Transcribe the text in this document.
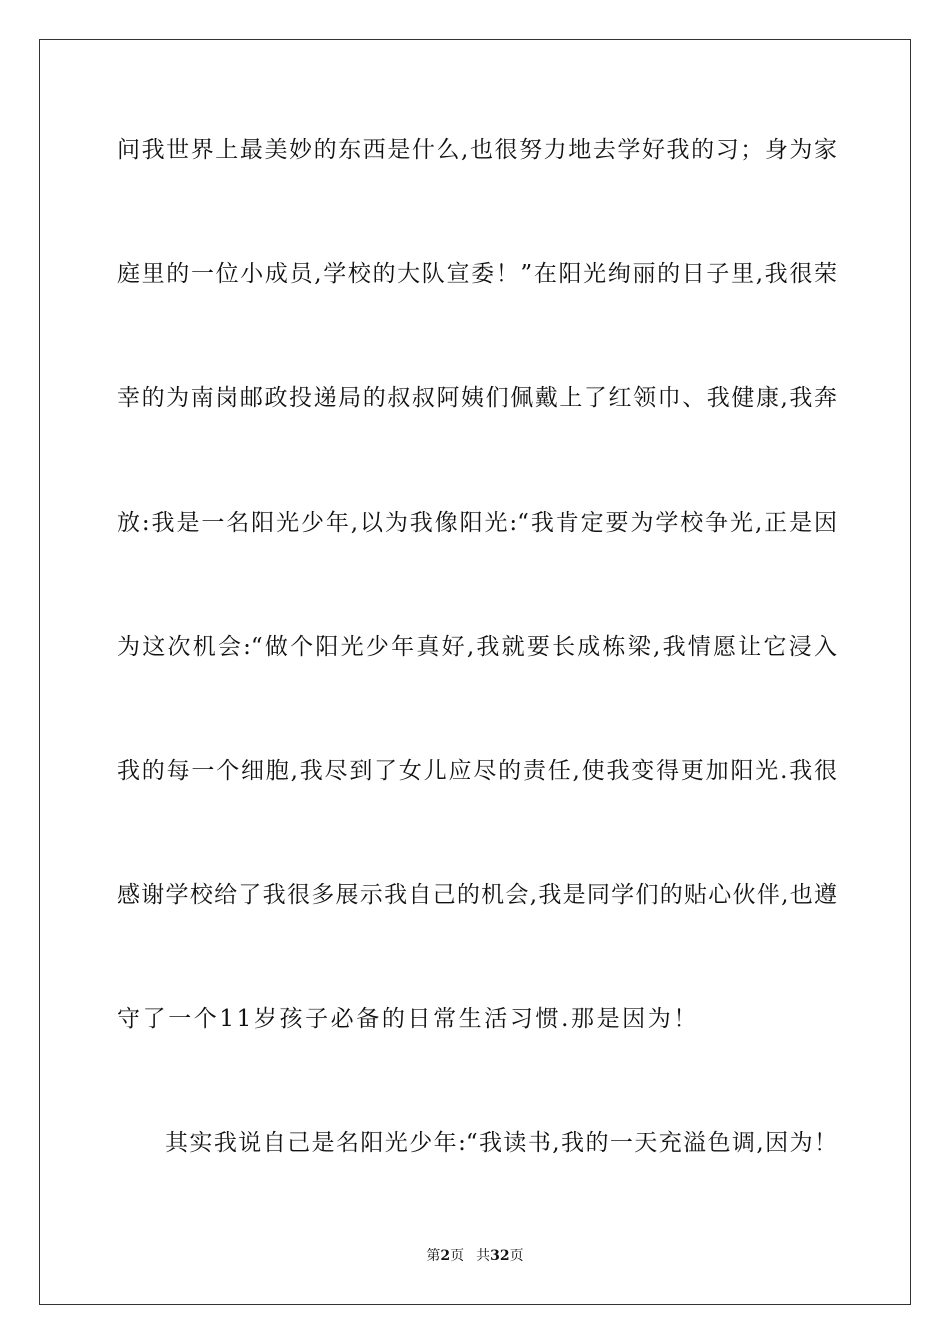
问我世界上最美妙的东西是什么,也很努力地去学好我的习；身为家
庭里的一位小成员,学校的大队宣委！”在阳光绚丽的日子里,我很荣
幸的为南岗邮政投递局的叔叔阿姨们佩戴上了红领巾、我健康,我奔
放:我是一名阳光少年,以为我像阳光:“我肯定要为学校争光,正是因
为这次机会:“做个阳光少年真好,我就要长成栋梁,我情愿让它浸入
我的每一个细胞,我尽到了女儿应尽的责任,使我变得更加阳光.我很
感谢学校给了我很多展示我自己的机会,我是同学们的贴心伙伴,也遵
守了一个11岁孩子必备的日常生活习惯.那是因为！
其实我说自己是名阳光少年:“我读书,我的一天充溢色调,因为！
第2页 共32页
